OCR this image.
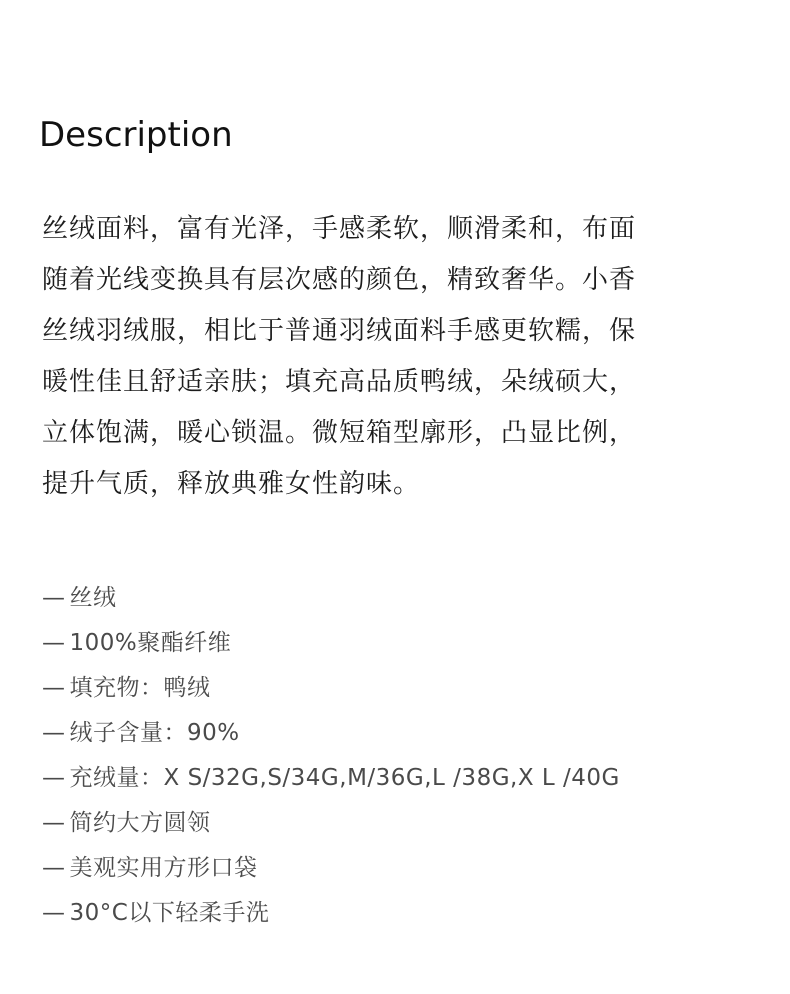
Description
丝绒面料，富有光泽，手感柔软，顺滑柔和，布面
随着光线变换具有层次感的颜色，精致奢华。小香
丝绒羽绒服，相比于普通羽绒面料手感更软糯，保
暖性佳且舒适亲肤；填充高品质鸭绒，朵绒硕大，
立体饱满，暖心锁温。微短箱型廓形，凸显比例，
提升气质，释放典雅女性韵味。
— 丝绒
— 100%聚酯纤维
— 填充物：鸭绒
— 绒子含量：90%
— 充绒量：X S/32G,S/34G,M/36G,L /38G,X L /40G
— 简约大方圆领
— 美观实用方形口袋
— 30°C以下轻柔手洗
